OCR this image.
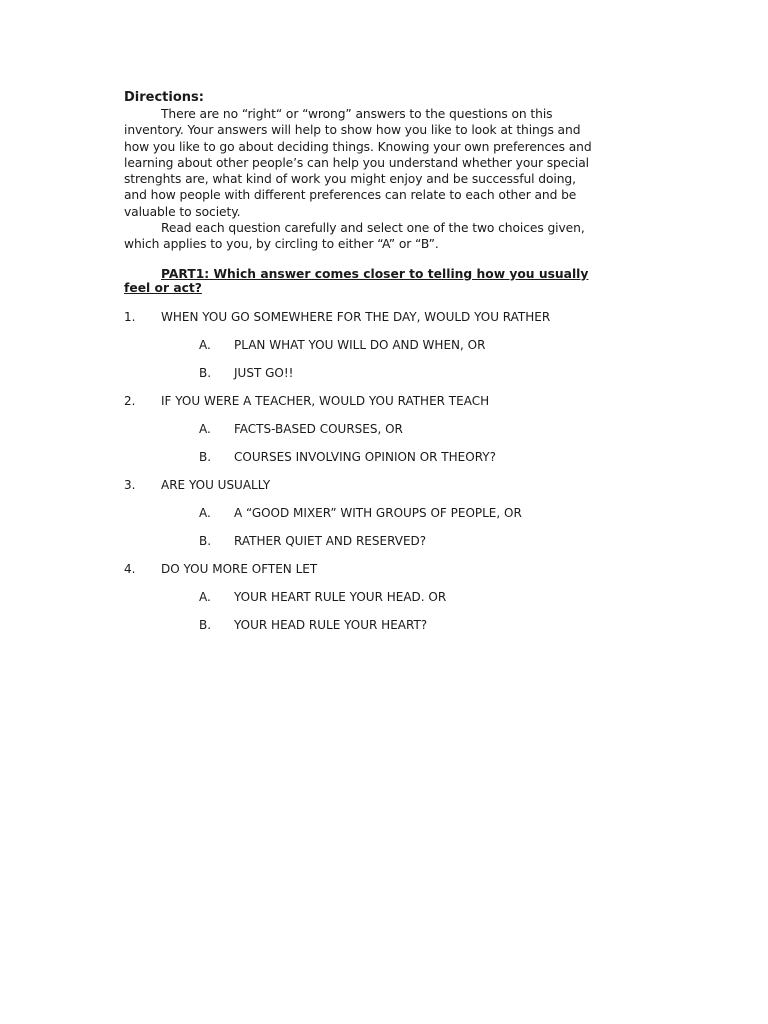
Directions:

There are no “right“ or “wrong” answers to the questions on this inventory. Your answers will help to show how you like to look at things and how you like to go about deciding things. Knowing your own preferences and learning about other people’s can help you understand whether your special strenghts are, what kind of work you might enjoy and be successful doing, and how people with different preferences can relate to each other and be valuable to society.

Read each question carefully and select one of the two choices given, which applies to you, by circling to either “A” or “B”.

PART1: Which answer comes closer to telling how you usually feel or act?

1.	WHEN YOU GO SOMEWHERE FOR THE DAY, WOULD YOU RATHER
A.	PLAN WHAT YOU WILL DO AND WHEN, OR
B.	JUST GO!!
2.	IF YOU WERE A TEACHER, WOULD YOU RATHER TEACH
A.	FACTS-BASED COURSES, OR
B.	COURSES INVOLVING OPINION OR THEORY?
3.	ARE YOU USUALLY
A.	A “GOOD MIXER” WITH GROUPS OF PEOPLE, OR
B.	RATHER QUIET AND RESERVED?
4.	DO YOU MORE OFTEN LET
A.	YOUR HEART RULE YOUR HEAD. OR
B.	YOUR HEAD RULE YOUR HEART?
